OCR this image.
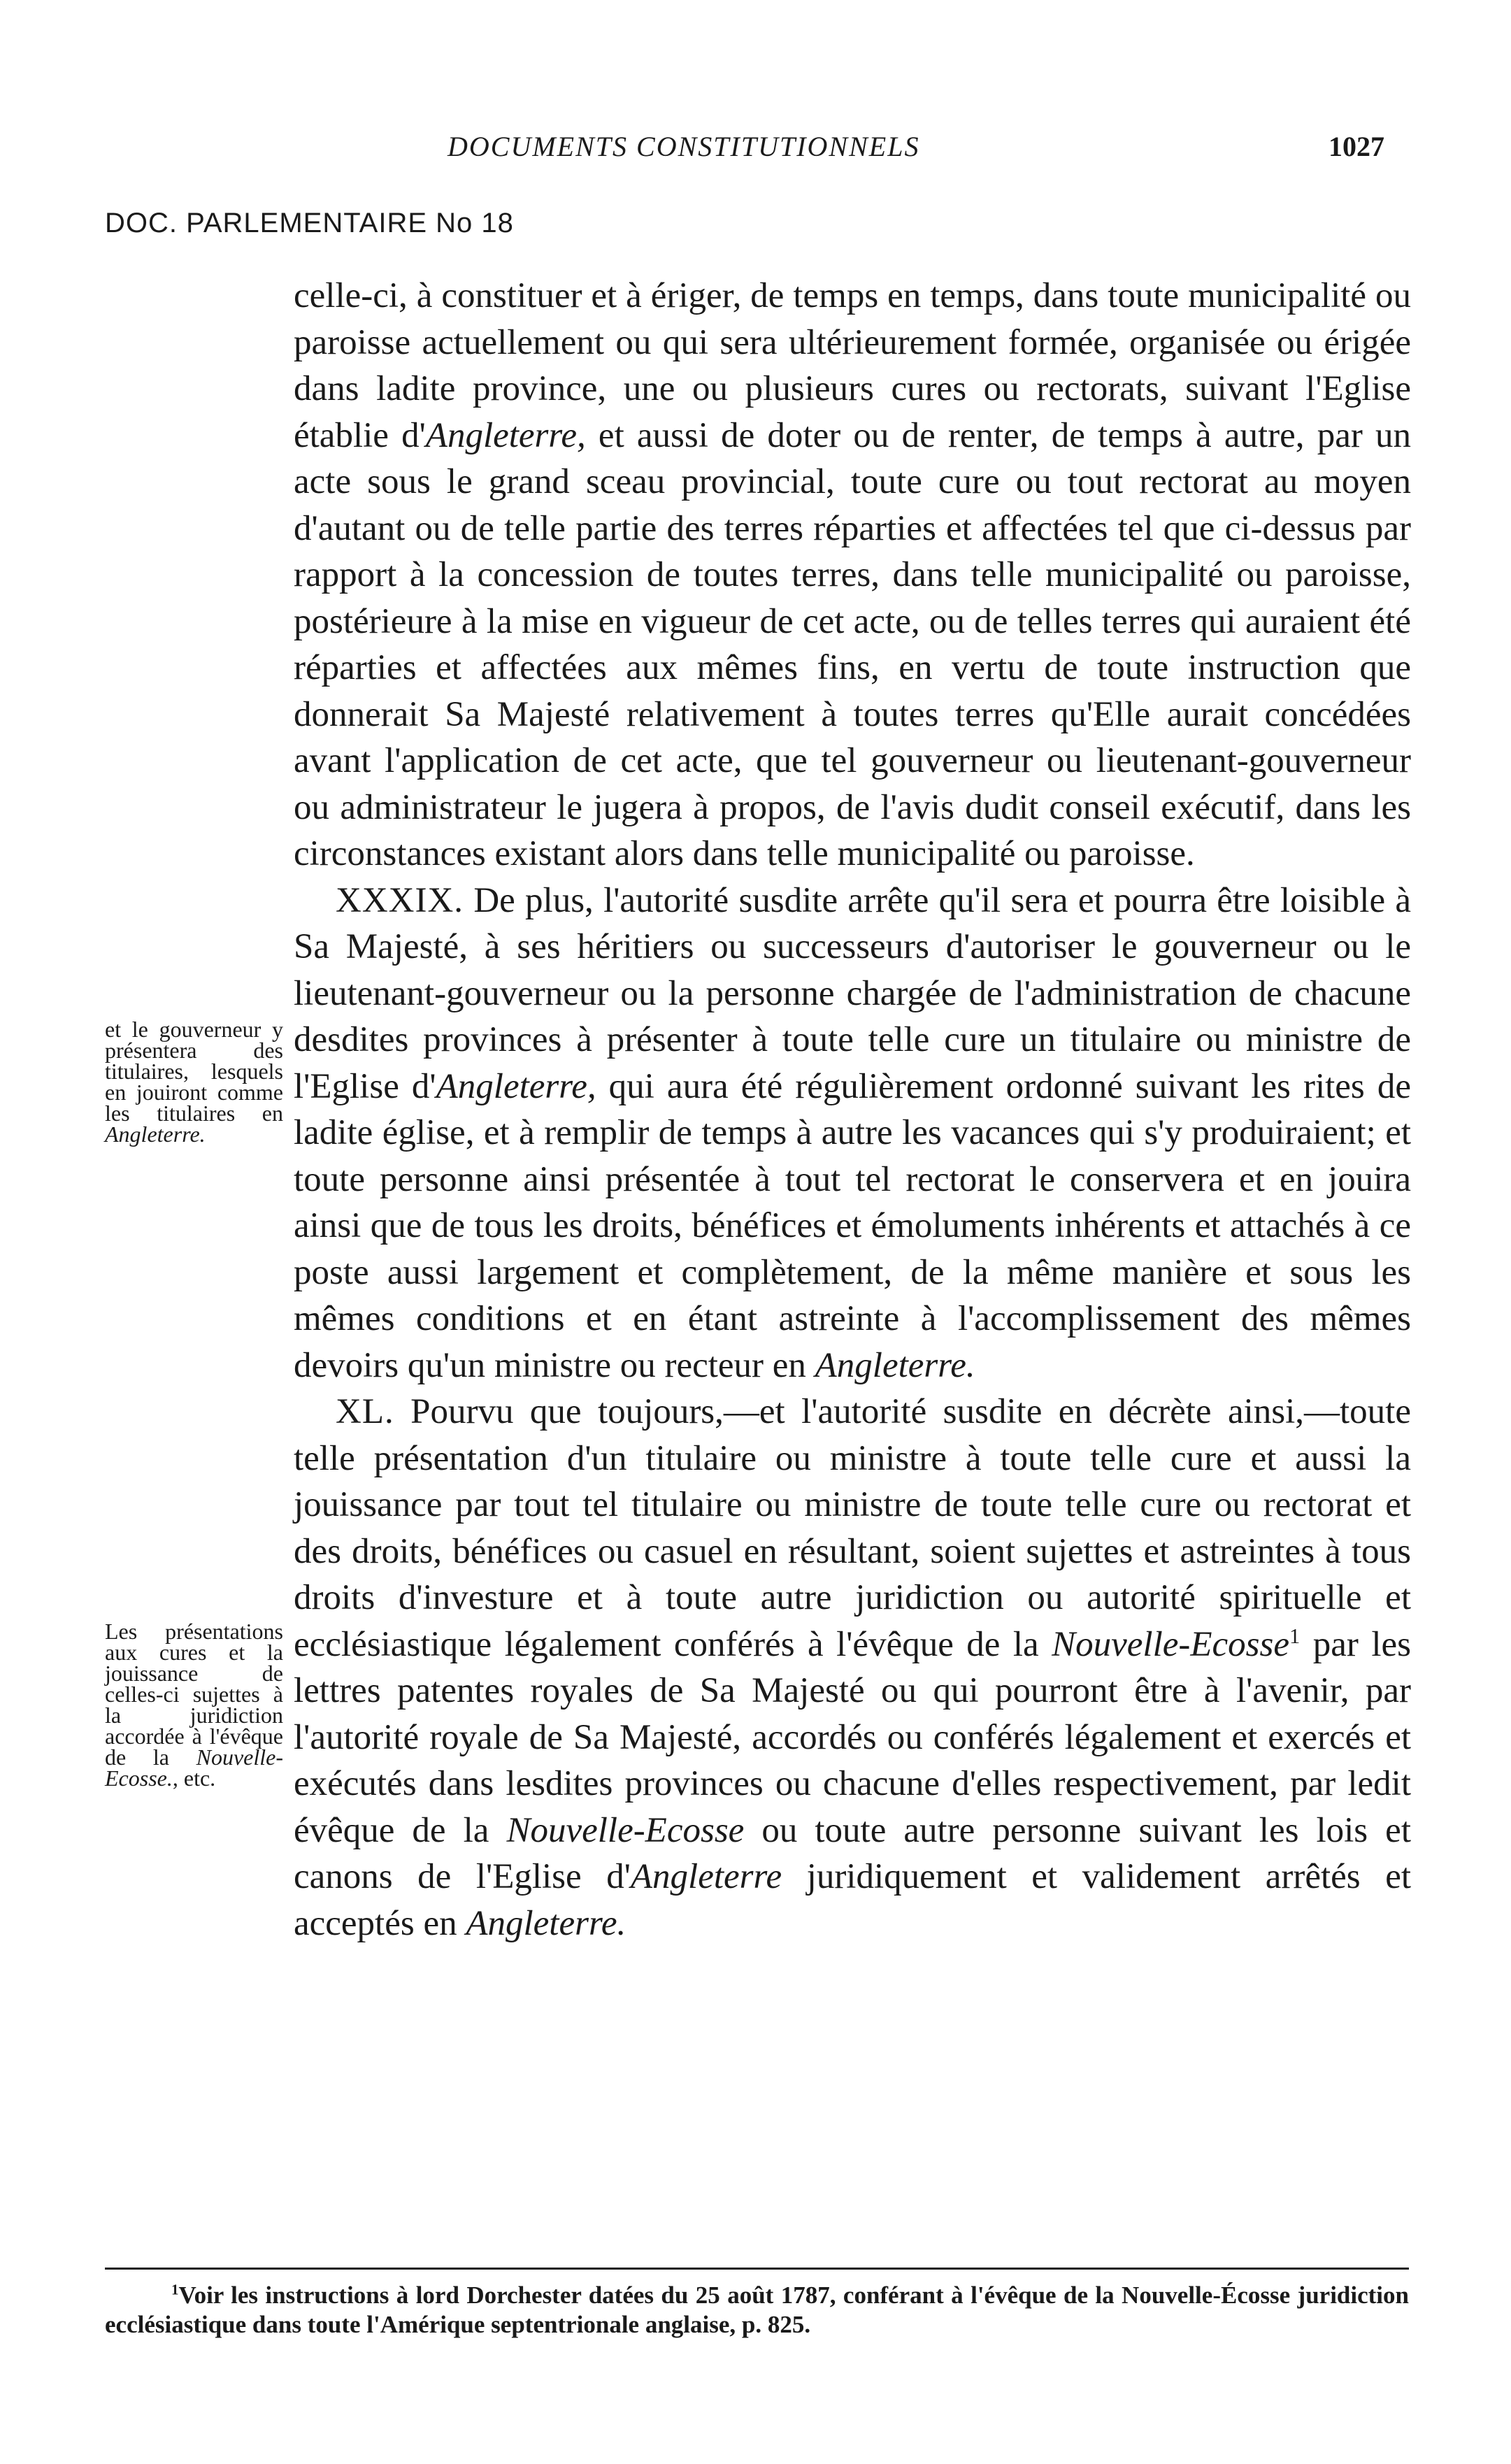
DOCUMENTS CONSTITUTIONNELS	1027
DOC. PARLEMENTAIRE No 18

celle-ci, à constituer et à ériger, de temps en temps, dans toute municipalité ou paroisse actuellement ou qui sera ultérieurement formée, organisée ou érigée dans ladite province, une ou plusieurs cures ou rectorats, suivant l'Eglise établie d'Angleterre, et aussi de doter ou de renter, de temps à autre, par un acte sous le grand sceau provincial, toute cure ou tout rectorat au moyen d'autant ou de telle partie des terres réparties et affectées tel que ci-dessus par rapport à la concession de toutes terres, dans telle municipalité ou paroisse, postérieure à la mise en vigueur de cet acte, ou de telles terres qui auraient été réparties et affectées aux mêmes fins, en vertu de toute instruction que donnerait Sa Majesté relativement à toutes terres qu'Elle aurait concédées avant l'application de cet acte, que tel gouverneur ou lieutenant-gouverneur ou administrateur le jugera à propos, de l'avis dudit conseil exécutif, dans les circonstances existant alors dans telle municipalité ou paroisse.

XXXIX. De plus, l'autorité susdite arrête qu'il sera et pourra être loisible à Sa Majesté, à ses héritiers ou successeurs d'autoriser le gouverneur ou le lieutenant-gouverneur ou la personne chargée de l'administration de chacune desdites provinces à présenter à toute telle cure un titulaire ou ministre de l'Eglise d'Angleterre, qui aura été régulièrement ordonné suivant les rites de ladite église, et à remplir de temps à autre les vacances qui s'y produiraient; et toute personne ainsi présentée à tout tel rectorat le conservera et en jouira ainsi que de tous les droits, bénéfices et émoluments inhérents et attachés à ce poste aussi largement et complètement, de la même manière et sous les mêmes conditions et en étant astreinte à l'accomplissement des mêmes devoirs qu'un ministre ou recteur en Angleterre.

XL. Pourvu que toujours,—et l'autorité susdite en décrète ainsi,—toute telle présentation d'un titulaire ou ministre à toute telle cure et aussi la jouissance par tout tel titulaire ou ministre de toute telle cure ou rectorat et des droits, bénéfices ou casuel en résultant, soient sujettes et astreintes à tous droits d'investure et à toute autre juridiction ou autorité spirituelle et ecclésiastique légalement conférés à l'évêque de la Nouvelle-Ecosse$^1$ par les lettres patentes royales de Sa Majesté ou qui pourront être à l'avenir, par l'autorité royale de Sa Majesté, accordés ou conférés légalement et exercés et exécutés dans lesdites provinces ou chacune d'elles respectivement, par ledit évêque de la Nouvelle-Ecosse ou toute autre personne suivant les lois et canons de l'Eglise d'Angleterre juridiquement et validement arrêtés et acceptés en Angleterre.

et le gouverneur y présentera des titulaires, lesquels en jouiront comme les titulaires en Angleterre.
Les présentations aux cures et la jouissance de celles-ci sujettes à la juridiction accordée à l'évêque de la Nouvelle-Ecosse., etc.
$^1$Voir les instructions à lord Dorchester datées du 25 août 1787, conférant à l'évêque de la Nouvelle-Écosse juridiction ecclésiastique dans toute l'Amérique septentrionale anglaise, p. 825.
